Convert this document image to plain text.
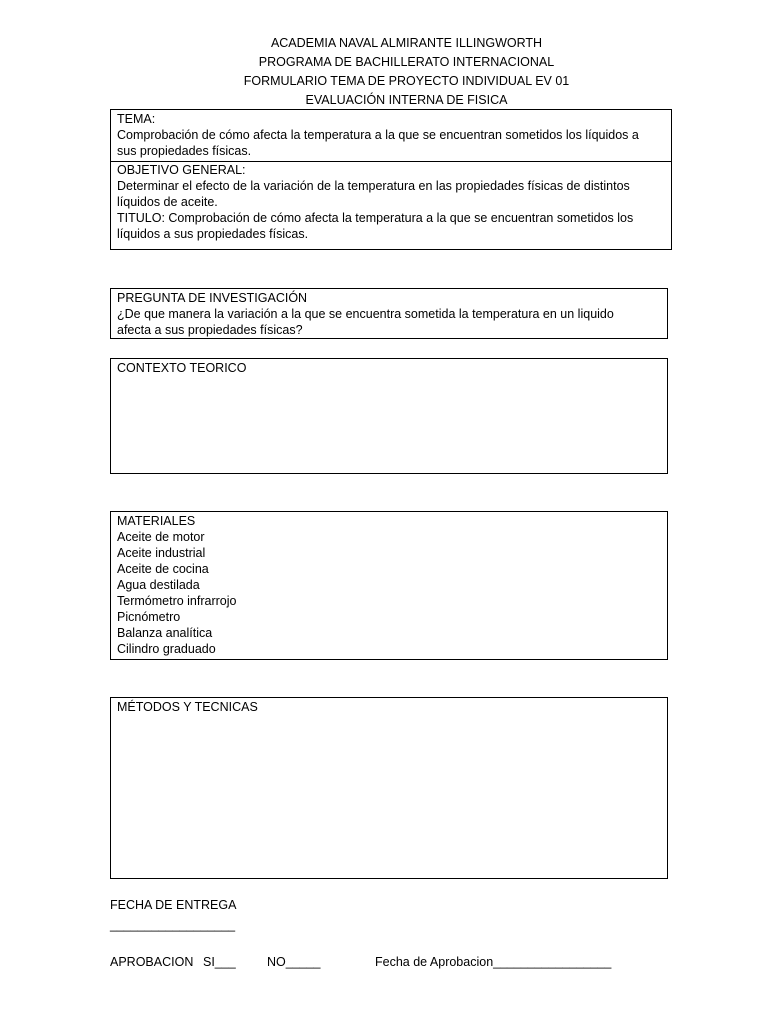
ACADEMIA NAVAL ALMIRANTE ILLINGWORTH
PROGRAMA DE BACHILLERATO INTERNACIONAL
FORMULARIO TEMA DE PROYECTO INDIVIDUAL EV 01
EVALUACIÓN INTERNA DE FISICA
TEMA:
Comprobación de cómo afecta la temperatura a la que se encuentran sometidos los líquidos a
sus propiedades físicas.
OBJETIVO GENERAL:
Determinar el efecto de la variación de la temperatura en las propiedades físicas de distintos
líquidos de aceite.
TITULO: Comprobación de cómo afecta la temperatura a la que se encuentran sometidos los
líquidos a sus propiedades físicas.
PREGUNTA DE INVESTIGACIÓN
¿De que manera la variación a la que se encuentra sometida la temperatura en un liquido
afecta a sus propiedades físicas?
CONTEXTO TEORICO
MATERIALES
Aceite de motor
Aceite industrial
Aceite de cocina
Agua destilada
Termómetro infrarrojo
Picnómetro
Balanza analítica
Cilindro graduado
MÉTODOS Y TECNICAS
FECHA DE ENTREGA
__________________
APROBACION SI___	NO_____	Fecha de Aprobacion_________________
